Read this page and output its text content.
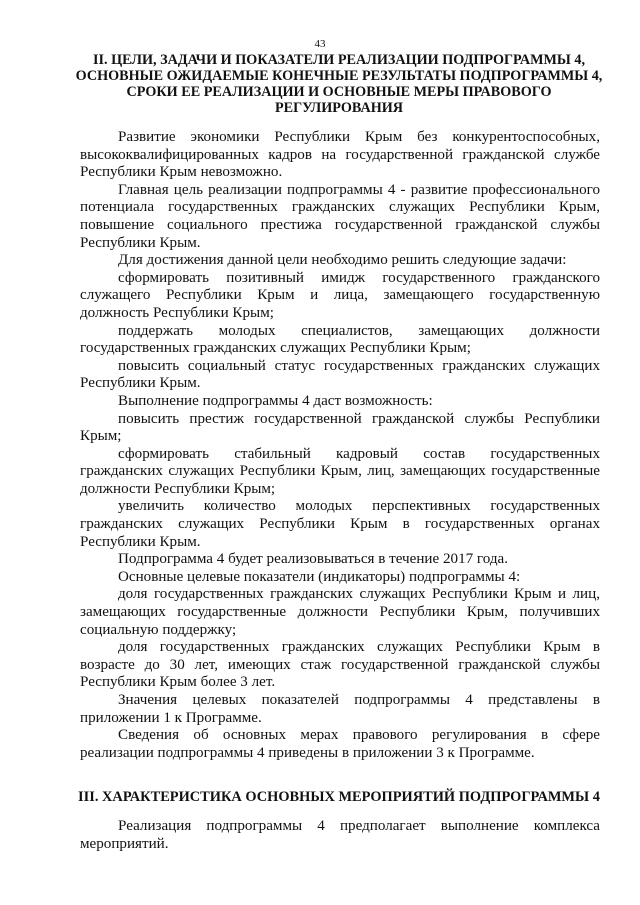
43
II. ЦЕЛИ, ЗАДАЧИ И ПОКАЗАТЕЛИ РЕАЛИЗАЦИИ ПОДПРОГРАММЫ 4, ОСНОВНЫЕ ОЖИДАЕМЫЕ КОНЕЧНЫЕ РЕЗУЛЬТАТЫ ПОДПРОГРАММЫ 4, СРОКИ ЕЕ РЕАЛИЗАЦИИ И ОСНОВНЫЕ МЕРЫ ПРАВОВОГО РЕГУЛИРОВАНИЯ

Развитие экономики Республики Крым без конкурентоспособных, высококвалифицированных кадров на государственной гражданской службе Республики Крым невозможно.

Главная цель реализации подпрограммы 4 - развитие профессионального потенциала государственных гражданских служащих Республики Крым, повышение социального престижа государственной гражданской службы Республики Крым.

Для достижения данной цели необходимо решить следующие задачи:

сформировать позитивный имидж государственного гражданского служащего Республики Крым и лица, замещающего государственную должность Республики Крым;

поддержать молодых специалистов, замещающих должности государственных гражданских служащих Республики Крым;

повысить социальный статус государственных гражданских служащих Республики Крым.

Выполнение подпрограммы 4 даст возможность:

повысить престиж государственной гражданской службы Республики Крым;

сформировать стабильный кадровый состав государственных гражданских служащих Республики Крым, лиц, замещающих государственные должности Республики Крым;

увеличить количество молодых перспективных государственных гражданских служащих Республики Крым в государственных органах Республики Крым.

Подпрограмма 4 будет реализовываться в течение 2017 года.

Основные целевые показатели (индикаторы) подпрограммы 4:

доля государственных гражданских служащих Республики Крым и лиц, замещающих государственные должности Республики Крым, получивших социальную поддержку;

доля государственных гражданских служащих Республики Крым в возрасте до 30 лет, имеющих стаж государственной гражданской службы Республики Крым более 3 лет.

Значения целевых показателей подпрограммы 4 представлены в приложении 1 к Программе.

Сведения об основных мерах правового регулирования в сфере реализации подпрограммы 4 приведены в приложении 3 к Программе.

III. ХАРАКТЕРИСТИКА ОСНОВНЫХ МЕРОПРИЯТИЙ ПОДПРОГРАММЫ 4

Реализация подпрограммы 4 предполагает выполнение комплекса мероприятий.
